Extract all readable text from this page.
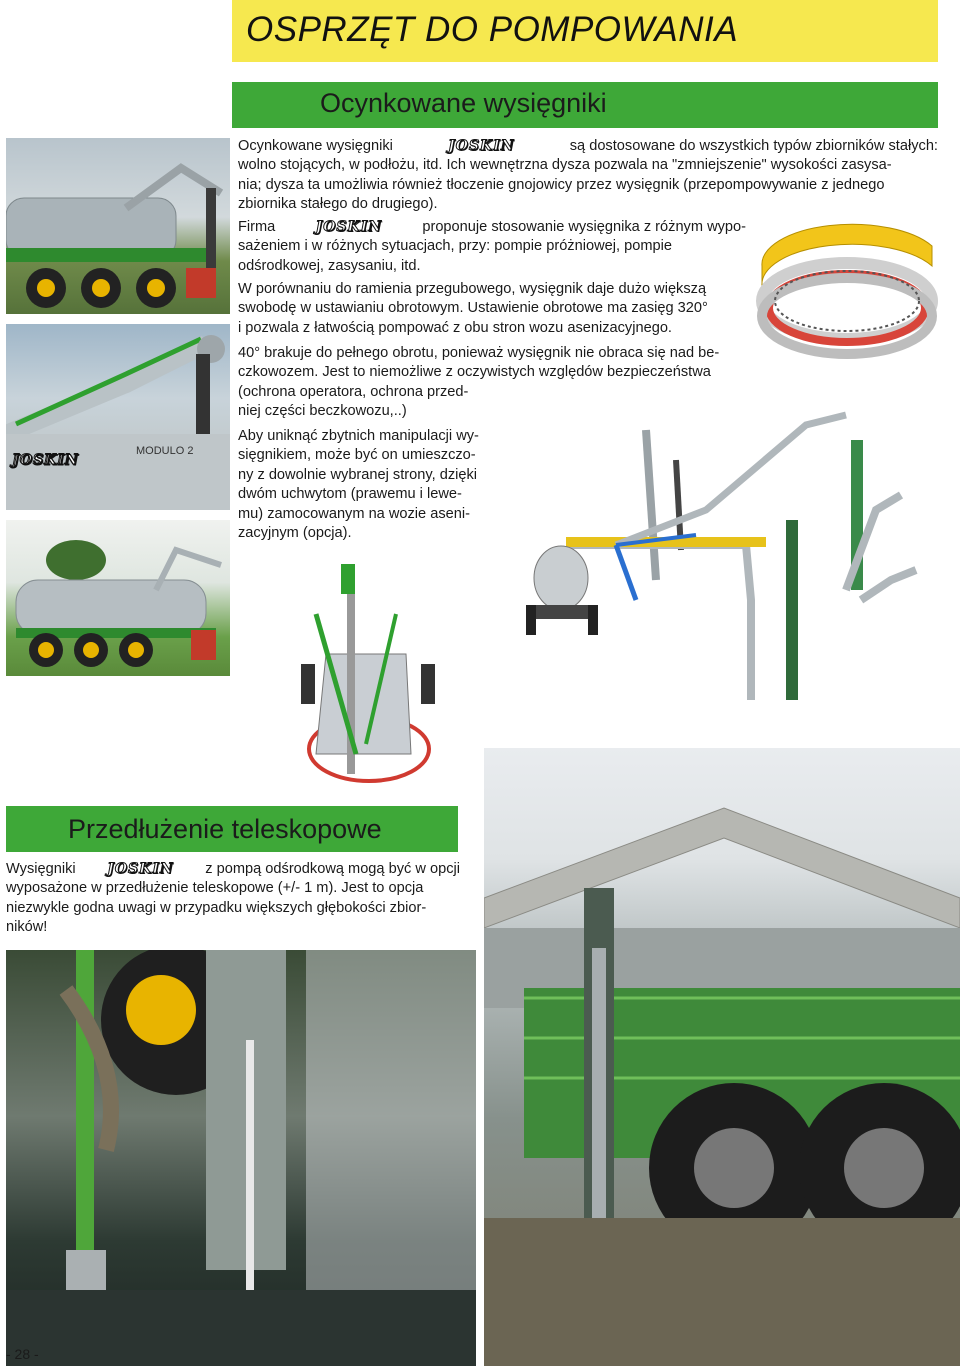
OSPRZĘT DO POMPOWANIA
Ocynkowane wysięgniki
JOSKIN
MODULO 2
Ocynkowane wysięgniki	JOSKIN	są dostosowane do wszystkich typów zbiorników stałych:
wolno stojących, w podłożu, itd. Ich wewnętrzna dysza pozwala na "zmniejszenie" wysokości zasysa-
nia; dysza ta umożliwia również tłoczenie gnojowicy przez wysięgnik (przepompowywanie z jednego
zbiornika stałego do drugiego).
Firma	JOSKIN	proponuje stosowanie wysięgnika z różnym wypo-
sażeniem i w różnych sytuacjach, przy: pompie próżniowej, pompie
odśrodkowej, zasysaniu, itd.
W porównaniu do ramienia przegubowego, wysięgnik daje dużo większą
swobodę w ustawianiu obrotowym. Ustawienie obrotowe ma zasięg 320°
i pozwala z łatwością pompować z obu stron wozu asenizacyjnego.
40° brakuje do pełnego obrotu, ponieważ wysięgnik nie obraca się nad be-
czkowozem. Jest to niemożliwe z oczywistych względów bezpieczeństwa
(ochrona operatora, ochrona przed-
niej części beczkowozu,..)
Aby uniknąć zbytnich manipulacji wy-
sięgnikiem, może być on umieszczo-
ny z dowolnie wybranej strony, dzięki
dwóm uchwytom (prawemu i lewe-
mu) zamocowanym na wozie aseni-
zacyjnym (opcja).
Przedłużenie teleskopowe
Wysięgniki JOSKIN z pompą odśrodkową mogą być w opcji
wyposażone w przedłużenie teleskopowe (+/- 1 m). Jest to opcja
niezwykle godna uwagi w przypadku większych głębokości zbior-
ników!
- 28 -
